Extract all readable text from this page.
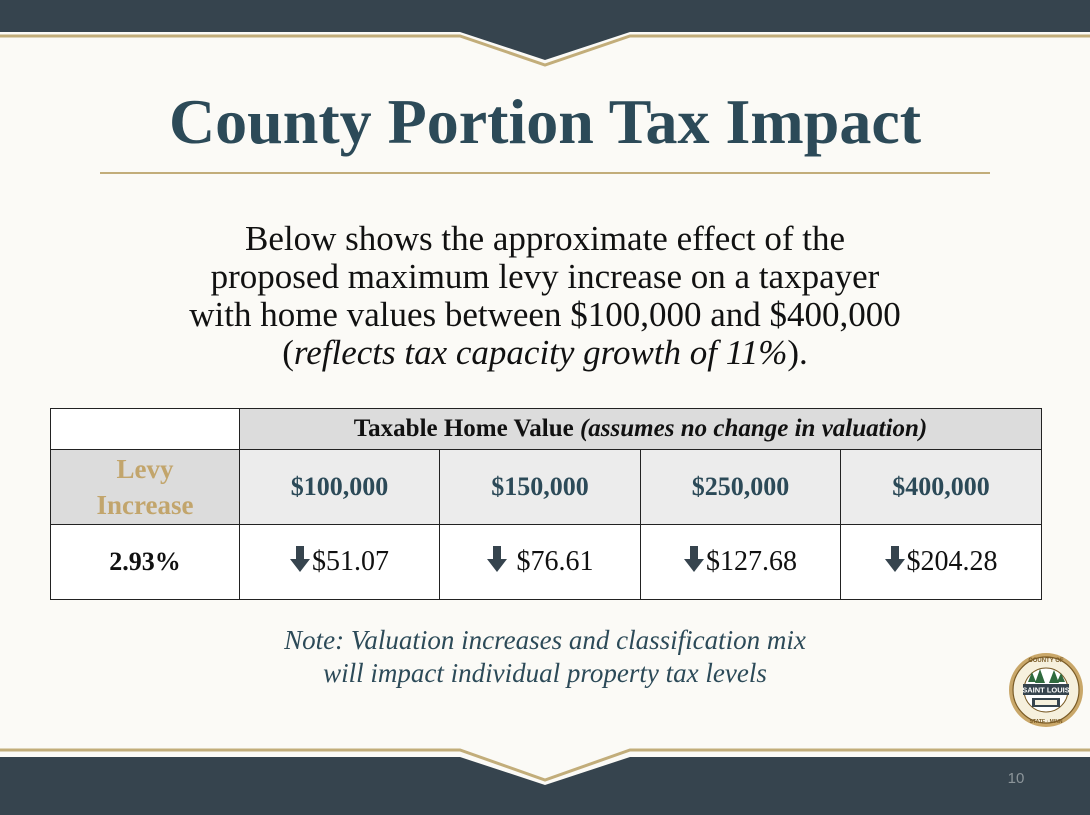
County Portion Tax Impact
Below shows the approximate effect of the
proposed maximum levy increase on a taxpayer
with home values between $100,000 and $400,000
(reflects tax capacity growth of 11%).
	Taxable Home Value (assumes no change in valuation)			

Levy
Increase	$100,000	$150,000	$250,000	$400,000
2.93%	$51.07	$76.61	$127.68	$204.28
Note: Valuation increases and classification mix
will impact individual property tax levels
SAINT LOUIS
COUNTY OF
STATE · MINN
10
